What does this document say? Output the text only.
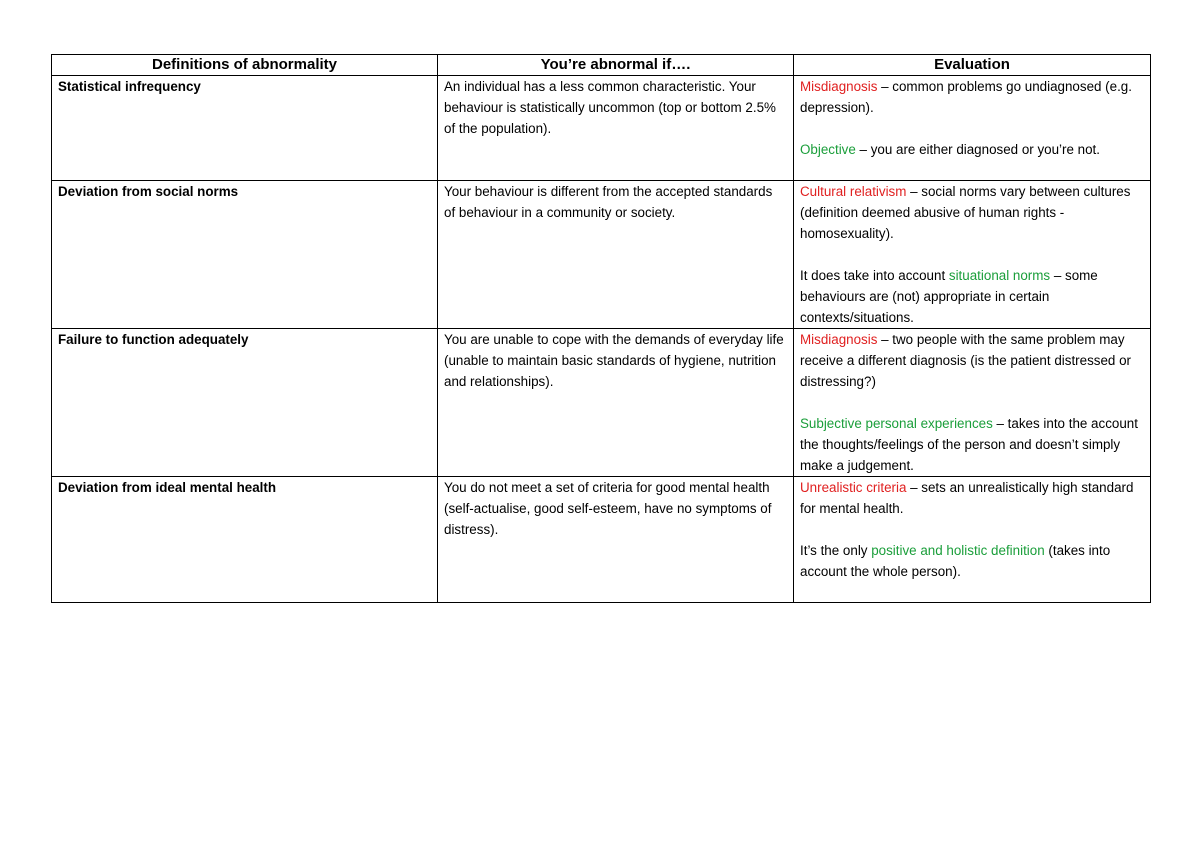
Definitions of abnormality	You’re abnormal if….	Evaluation
Statistical infrequency	An individual has a less common characteristic. Your behaviour is statistically uncommon (top or bottom 2.5% of the population).	Misdiagnosis – common problems go undiagnosed (e.g. depression).

Objective – you are either diagnosed or you’re not.

Deviation from social norms	Your behaviour is different from the accepted standards of behaviour in a community or society.	Cultural relativism – social norms vary between cultures (definition deemed abusive of human rights - homosexuality).

It does take into account situational norms – some behaviours are (not) appropriate in certain contexts/situations.

Failure to function adequately	You are unable to cope with the demands of everyday life (unable to maintain basic standards of hygiene, nutrition and relationships).	Misdiagnosis – two people with the same problem may receive a different diagnosis (is the patient distressed or distressing?)

Subjective personal experiences – takes into the account the thoughts/feelings of the person and doesn’t simply make a judgement.

Deviation from ideal mental health	You do not meet a set of criteria for good mental health (self-actualise, good self-esteem, have no symptoms of distress).	Unrealistic criteria – sets an unrealistically high standard for mental health.

It’s the only positive and holistic definition (takes into account the whole person).
